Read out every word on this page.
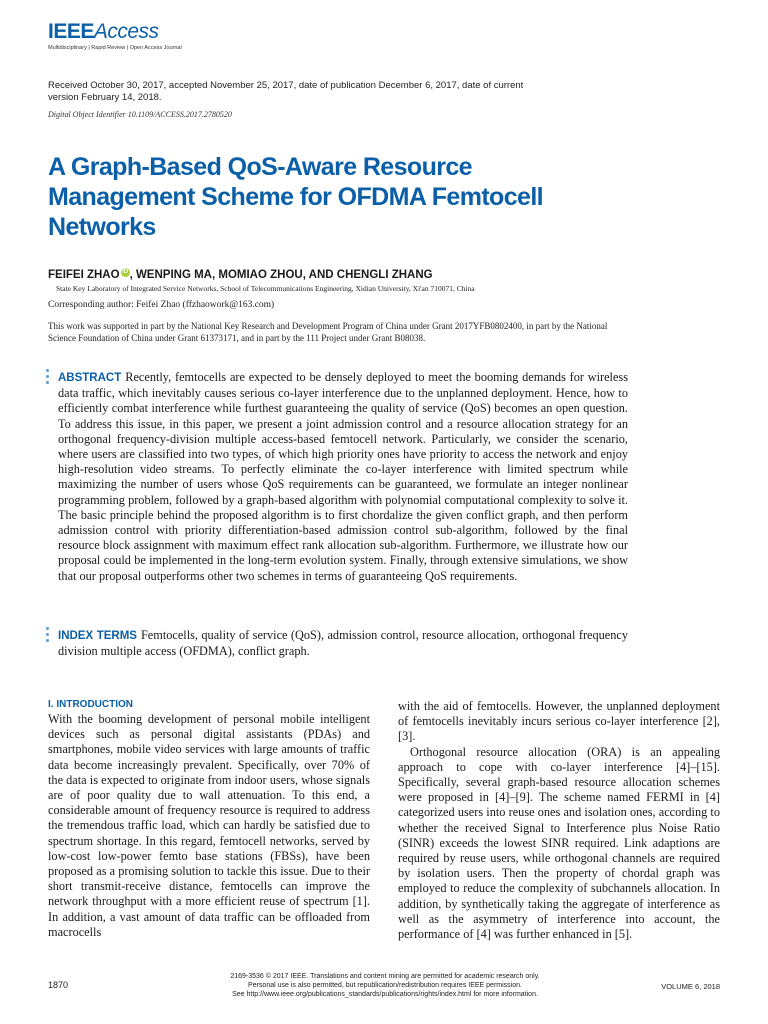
IEEEAccess
Multidisciplinary | Rapid Review | Open Access Journal
Received October 30, 2017, accepted November 25, 2017, date of publication December 6, 2017, date of current version February 14, 2018.
Digital Object Identifier 10.1109/ACCESS.2017.2780520
A Graph-Based QoS-Aware Resource Management Scheme for OFDMA Femtocell Networks
FEIFEI ZHAO iD , WENPING MA, MOMIAO ZHOU, AND CHENGLI ZHANG
State Key Laboratory of Integrated Service Networks, School of Telecommunications Engineering, Xidian University, Xi'an 710071, China
Corresponding author: Feifei Zhao (ffzhaowork@163.com)
This work was supported in part by the National Key Research and Development Program of China under Grant 2017YFB0802400, in part by the National Science Foundation of China under Grant 61373171, and in part by the 111 Project under Grant B08038.
ABSTRACT Recently, femtocells are expected to be densely deployed to meet the booming demands for wireless data traffic, which inevitably causes serious co-layer interference due to the unplanned deployment. Hence, how to efficiently combat interference while furthest guaranteeing the quality of service (QoS) becomes an open question. To address this issue, in this paper, we present a joint admission control and a resource allocation strategy for an orthogonal frequency-division multiple access-based femtocell network. Particularly, we consider the scenario, where users are classified into two types, of which high priority ones have priority to access the network and enjoy high-resolution video streams. To perfectly eliminate the co-layer interference with limited spectrum while maximizing the number of users whose QoS requirements can be guaranteed, we formulate an integer nonlinear programming problem, followed by a graph-based algorithm with polynomial computational complexity to solve it. The basic principle behind the proposed algorithm is to first chordalize the given conflict graph, and then perform admission control with priority differentiation-based admission control sub-algorithm, followed by the final resource block assignment with maximum effect rank allocation sub-algorithm. Furthermore, we illustrate how our proposal could be implemented in the long-term evolution system. Finally, through extensive simulations, we show that our proposal outperforms other two schemes in terms of guaranteeing QoS requirements.
INDEX TERMS Femtocells, quality of service (QoS), admission control, resource allocation, orthogonal frequency division multiple access (OFDMA), conflict graph.
I. INTRODUCTION

With the booming development of personal mobile intelligent devices such as personal digital assistants (PDAs) and smartphones, mobile video services with large amounts of traffic data become increasingly prevalent. Specifically, over 70% of the data is expected to originate from indoor users, whose signals are of poor quality due to wall attenuation. To this end, a considerable amount of frequency resource is required to address the tremendous traffic load, which can hardly be satisfied due to spectrum shortage. In this regard, femtocell networks, served by low-cost low-power femto base stations (FBSs), have been proposed as a promising solution to tackle this issue. Due to their short transmit-receive distance, femtocells can improve the network throughput with a more efficient reuse of spectrum [1]. In addition, a vast amount of data traffic can be offloaded from macrocells

with the aid of femtocells. However, the unplanned deployment of femtocells inevitably incurs serious co-layer interference [2], [3].

Orthogonal resource allocation (ORA) is an appealing approach to cope with co-layer interference [4]–[15]. Specifically, several graph-based resource allocation schemes were proposed in [4]–[9]. The scheme named FERMI in [4] categorized users into reuse ones and isolation ones, according to whether the received Signal to Interference plus Noise Ratio (SINR) exceeds the lowest SINR required. Link adaptions are required by reuse users, while orthogonal channels are required by isolation users. Then the property of chordal graph was employed to reduce the complexity of subchannels allocation. In addition, by synthetically taking the aggregate of interference as well as the asymmetry of interference into account, the performance of [4] was further enhanced in [5].

1870
2169-3536 © 2017 IEEE. Translations and content mining are permitted for academic research only.
Personal use is also permitted, but republication/redistribution requires IEEE permission.
See http://www.ieee.org/publications_standards/publications/rights/index.html for more information.
VOLUME 6, 2018
